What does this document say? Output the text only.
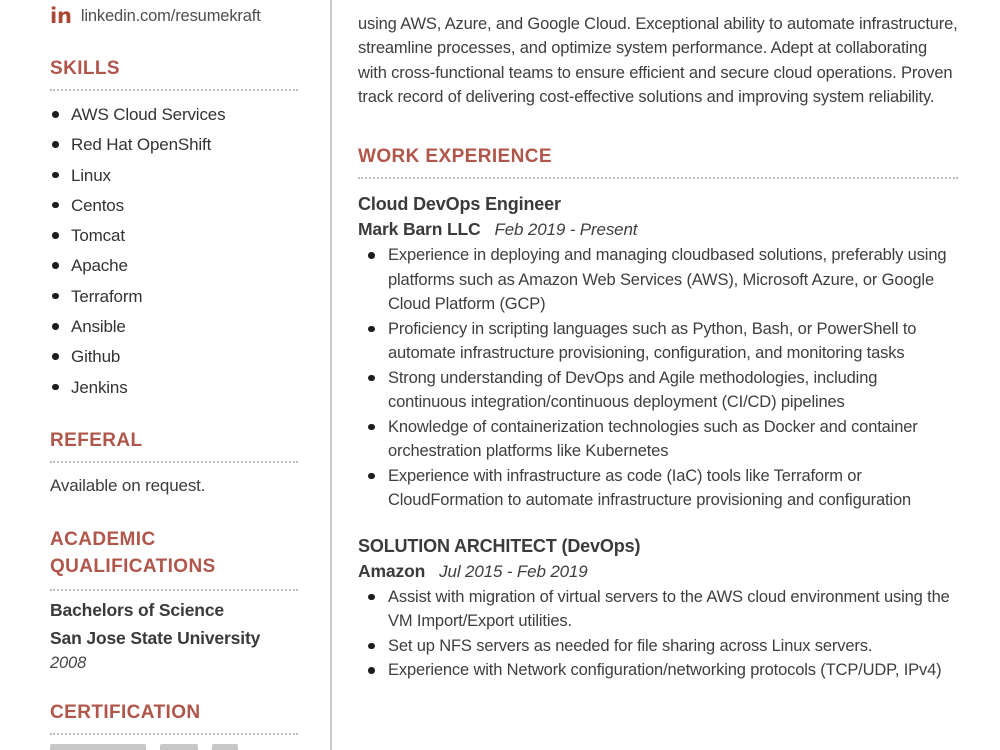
in linkedin.com/resumekraft
SKILLS
AWS Cloud Services
Red Hat OpenShift
Linux
Centos
Tomcat
Apache
Terraform
Ansible
Github
Jenkins
REFERAL
Available on request.
ACADEMIC QUALIFICATIONS
Bachelors of Science
San Jose State University
2008
CERTIFICATION

using AWS, Azure, and Google Cloud. Exceptional ability to automate infrastructure, streamline processes, and optimize system performance. Adept at collaborating with cross-functional teams to ensure efficient and secure cloud operations. Proven track record of delivering cost-effective solutions and improving system reliability.

WORK EXPERIENCE
Cloud DevOps Engineer
Mark Barn LLC Feb 2019 - Present
Experience in deploying and managing cloudbased solutions, preferably using platforms such as Amazon Web Services (AWS), Microsoft Azure, or Google Cloud Platform (GCP)
Proficiency in scripting languages such as Python, Bash, or PowerShell to automate infrastructure provisioning, configuration, and monitoring tasks
Strong understanding of DevOps and Agile methodologies, including continuous integration/continuous deployment (CI/CD) pipelines
Knowledge of containerization technologies such as Docker and container orchestration platforms like Kubernetes
Experience with infrastructure as code (IaC) tools like Terraform or CloudFormation to automate infrastructure provisioning and configuration
SOLUTION ARCHITECT (DevOps)
Amazon Jul 2015 - Feb 2019
Assist with migration of virtual servers to the AWS cloud environment using the VM Import/Export utilities.
Set up NFS servers as needed for file sharing across Linux servers.
Experience with Network configuration/networking protocols (TCP/UDP, IPv4)
